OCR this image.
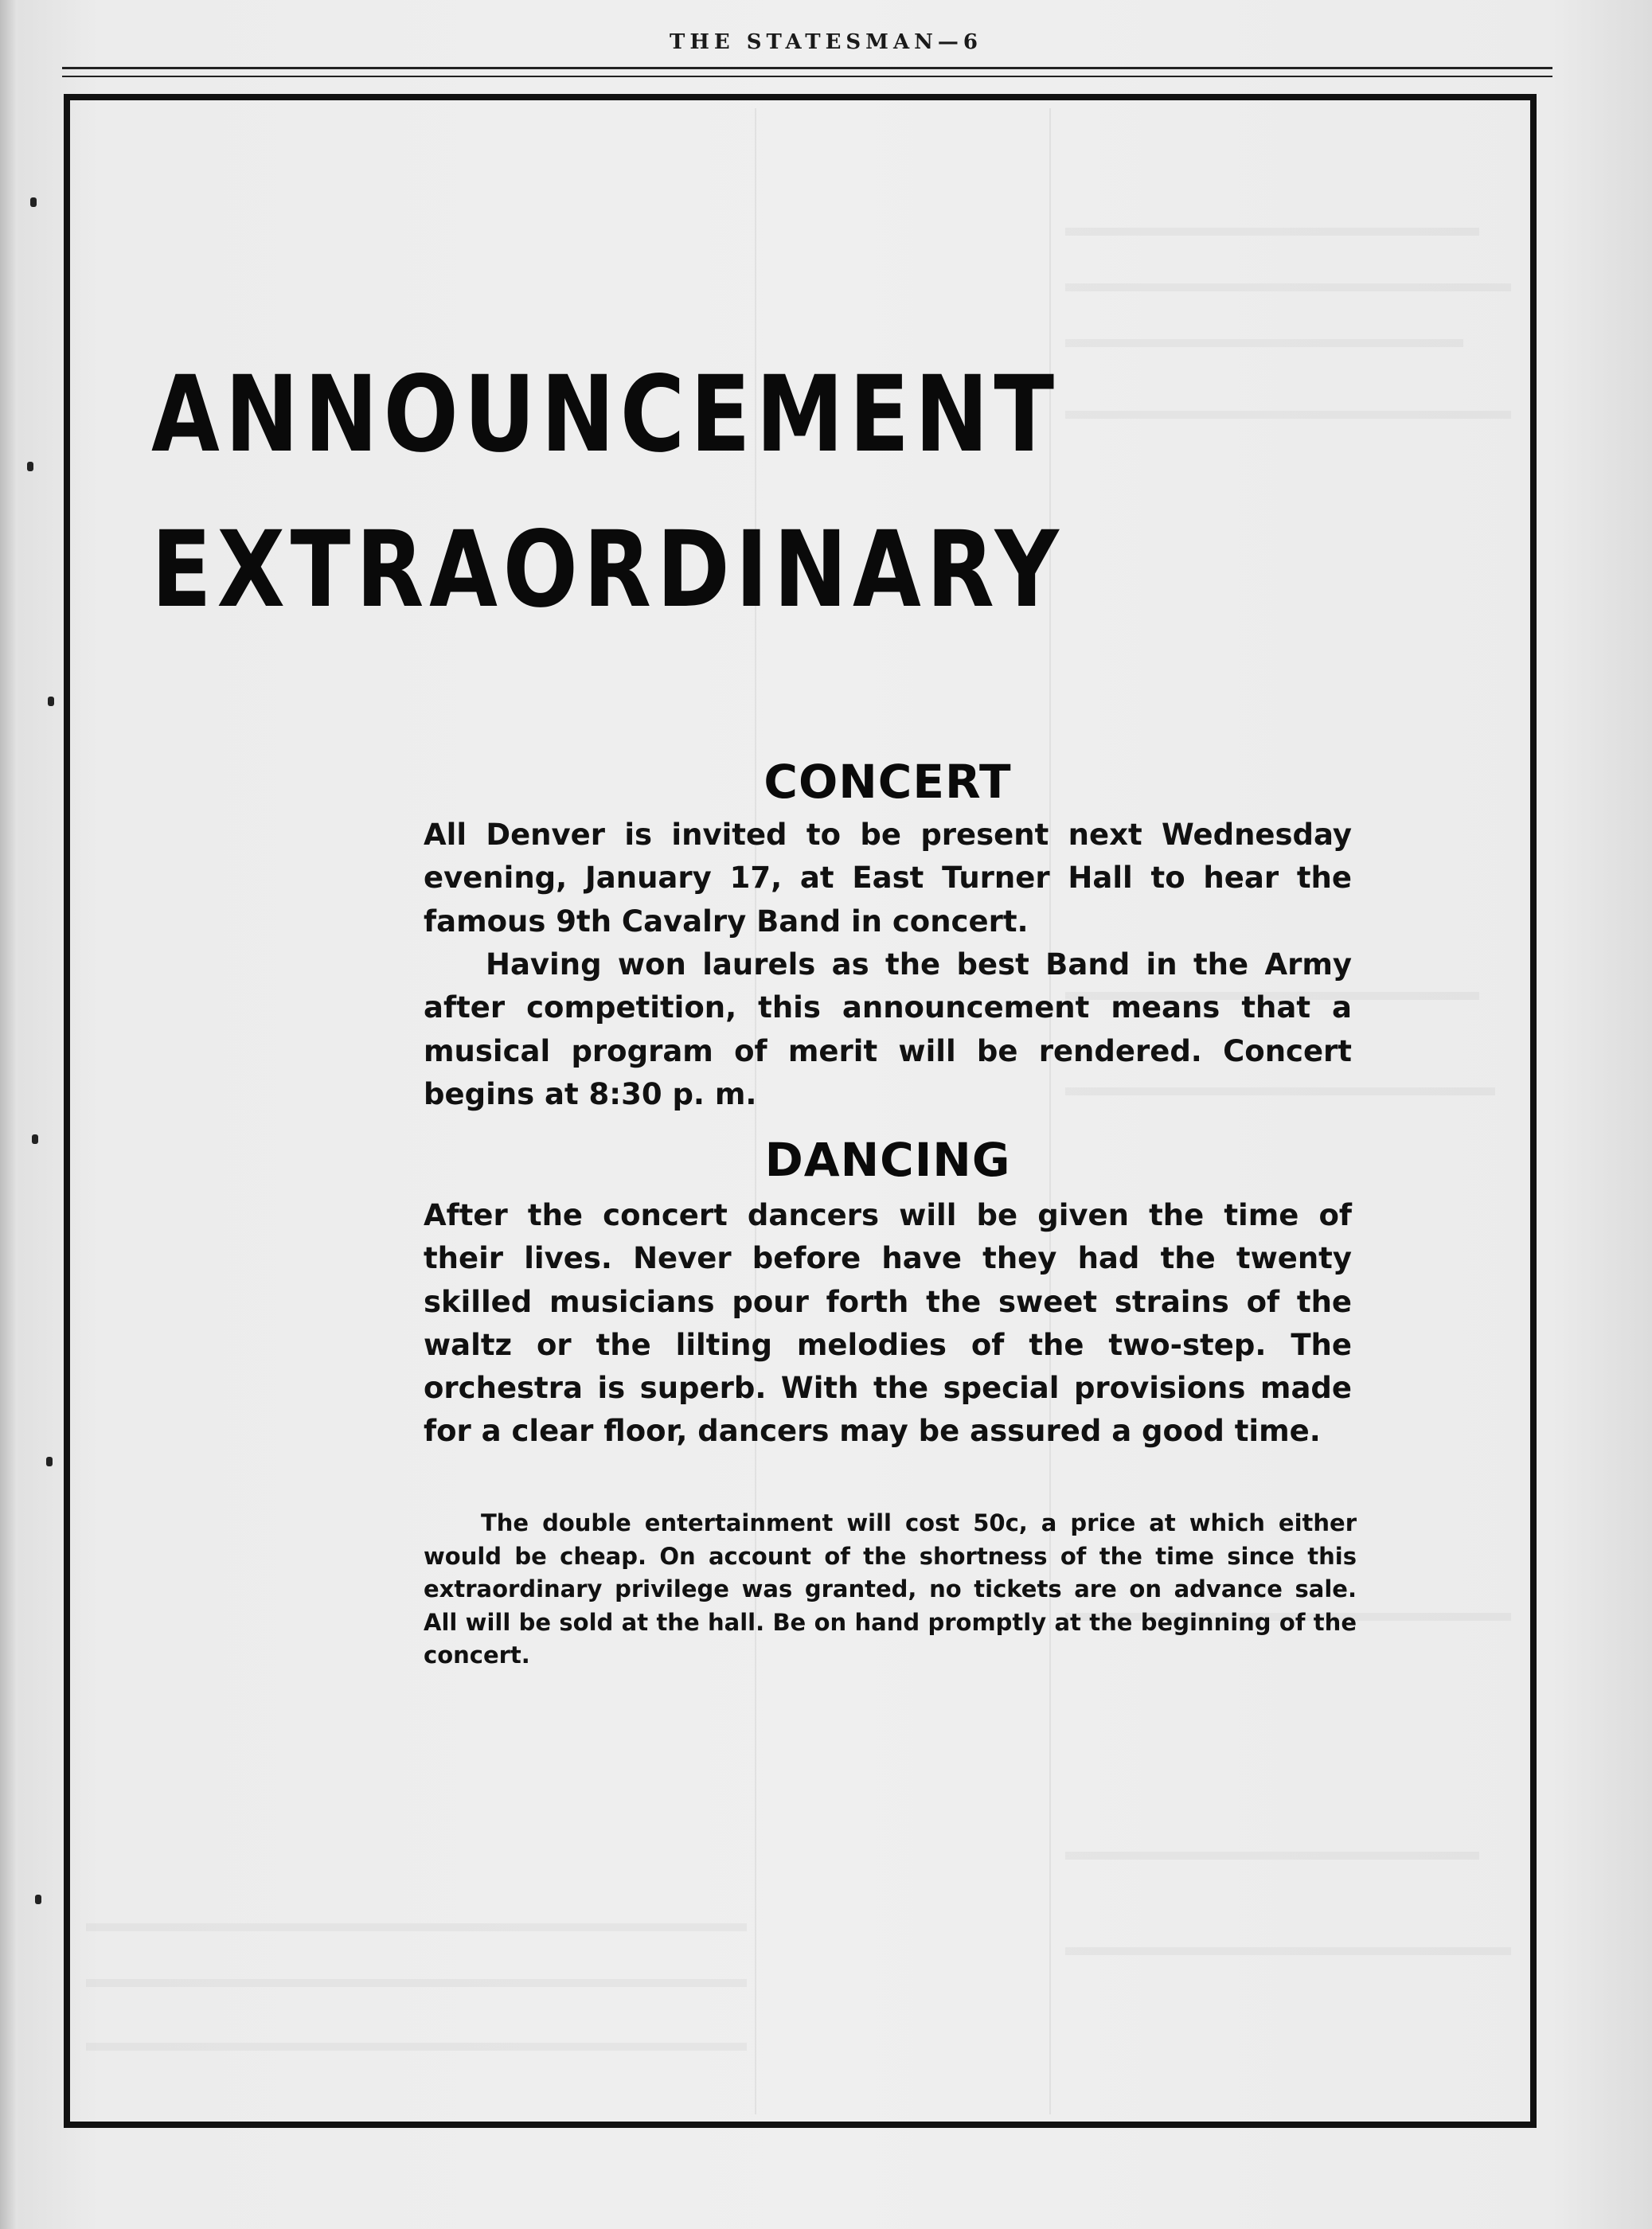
THE STATESMAN—6
ANNOUNCEMENT
EXTRAORDINARY
CONCERT

All Denver is invited to be present next Wednesday evening, January 17, at East Turner Hall to hear the famous 9th Cavalry Band in concert.

Having won laurels as the best Band in the Army after competition, this announcement means that a musical program of merit will be rendered. Concert begins at 8:30 p. m.

DANCING

After the concert dancers will be given the time of their lives. Never before have they had the twenty skilled musicians pour forth the sweet strains of the waltz or the lilting melodies of the two-step. The orchestra is superb. With the special provisions made for a clear floor, dancers may be assured a good time.

The double entertainment will cost 50c, a price at which either would be cheap. On account of the shortness of the time since this extraordinary privilege was granted, no tickets are on advance sale. All will be sold at the hall. Be on hand promptly at the beginning of the concert.
